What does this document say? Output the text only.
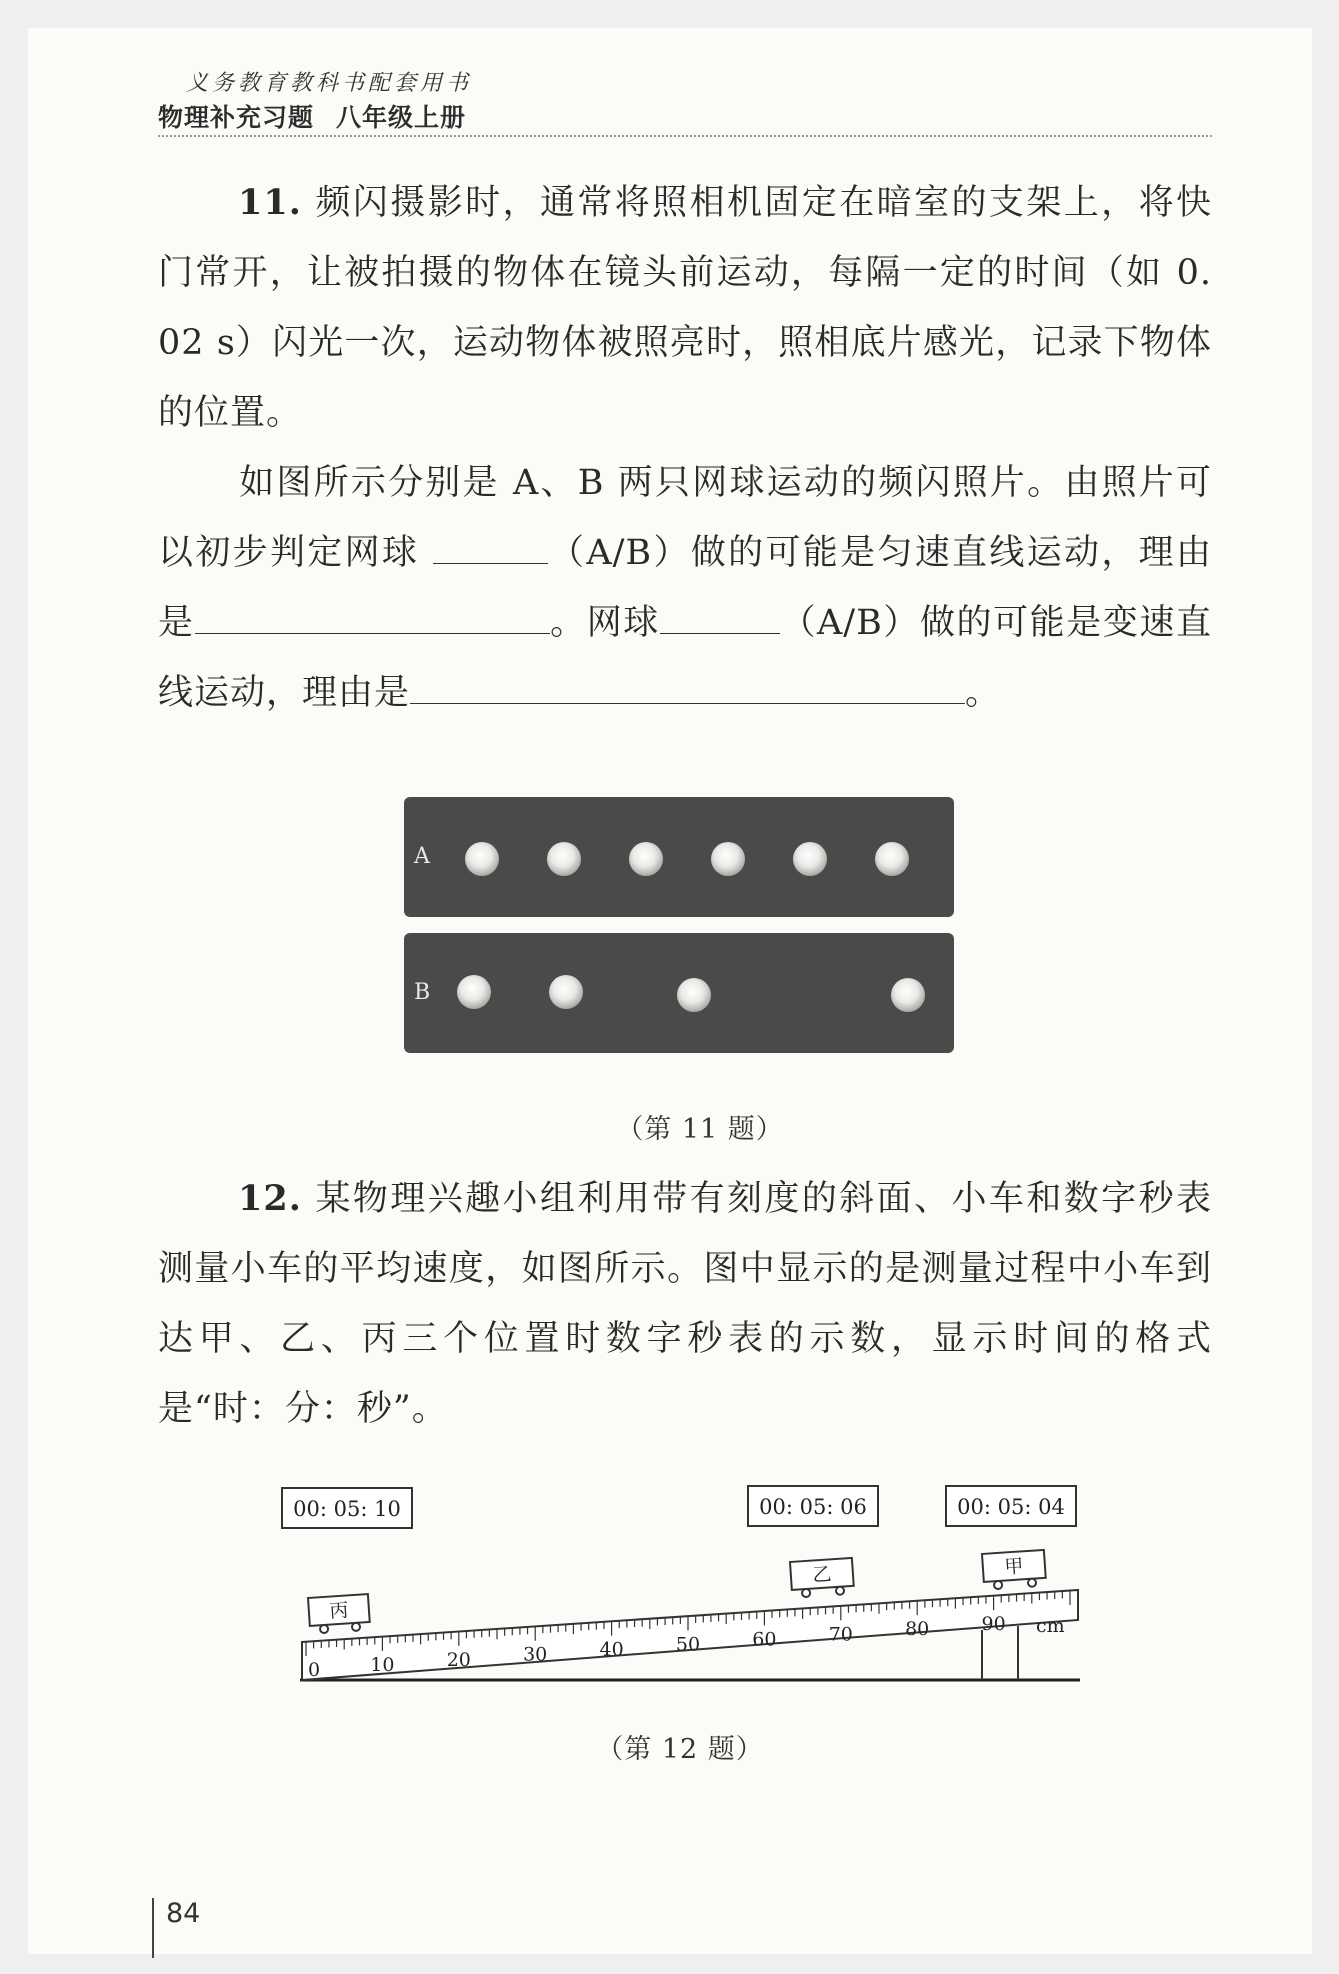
义务教育教科书配套用书
物理补充习题 八年级上册
11. 频闪摄影时，通常将照相机固定在暗室的支架上，将快门常开，让被拍摄的物体在镜头前运动，每隔一定的时间（如 0. 02 s）闪光一次，运动物体被照亮时，照相底片感光，记录下物体的位置。
如图所示分别是 A、B 两只网球运动的频闪照片。由照片可以初步判定网球	（A/B）做的可能是匀速直线运动，理由是	。网球	（A/B）做的可能是变速直线运动，理由是	。
A
B
（第 11 题）
12. 某物理兴趣小组利用带有刻度的斜面、小车和数字秒表测量小车的平均速度，如图所示。图中显示的是测量过程中小车到达甲、乙、丙三个位置时数字秒表的示数，显示时间的格式是“时：分：秒”。
00: 05: 10	00: 05: 06	00: 05: 04
0	10	20	30	40	50	60	70	80	90 cm
丙
乙	甲
（第 12 题）
84
